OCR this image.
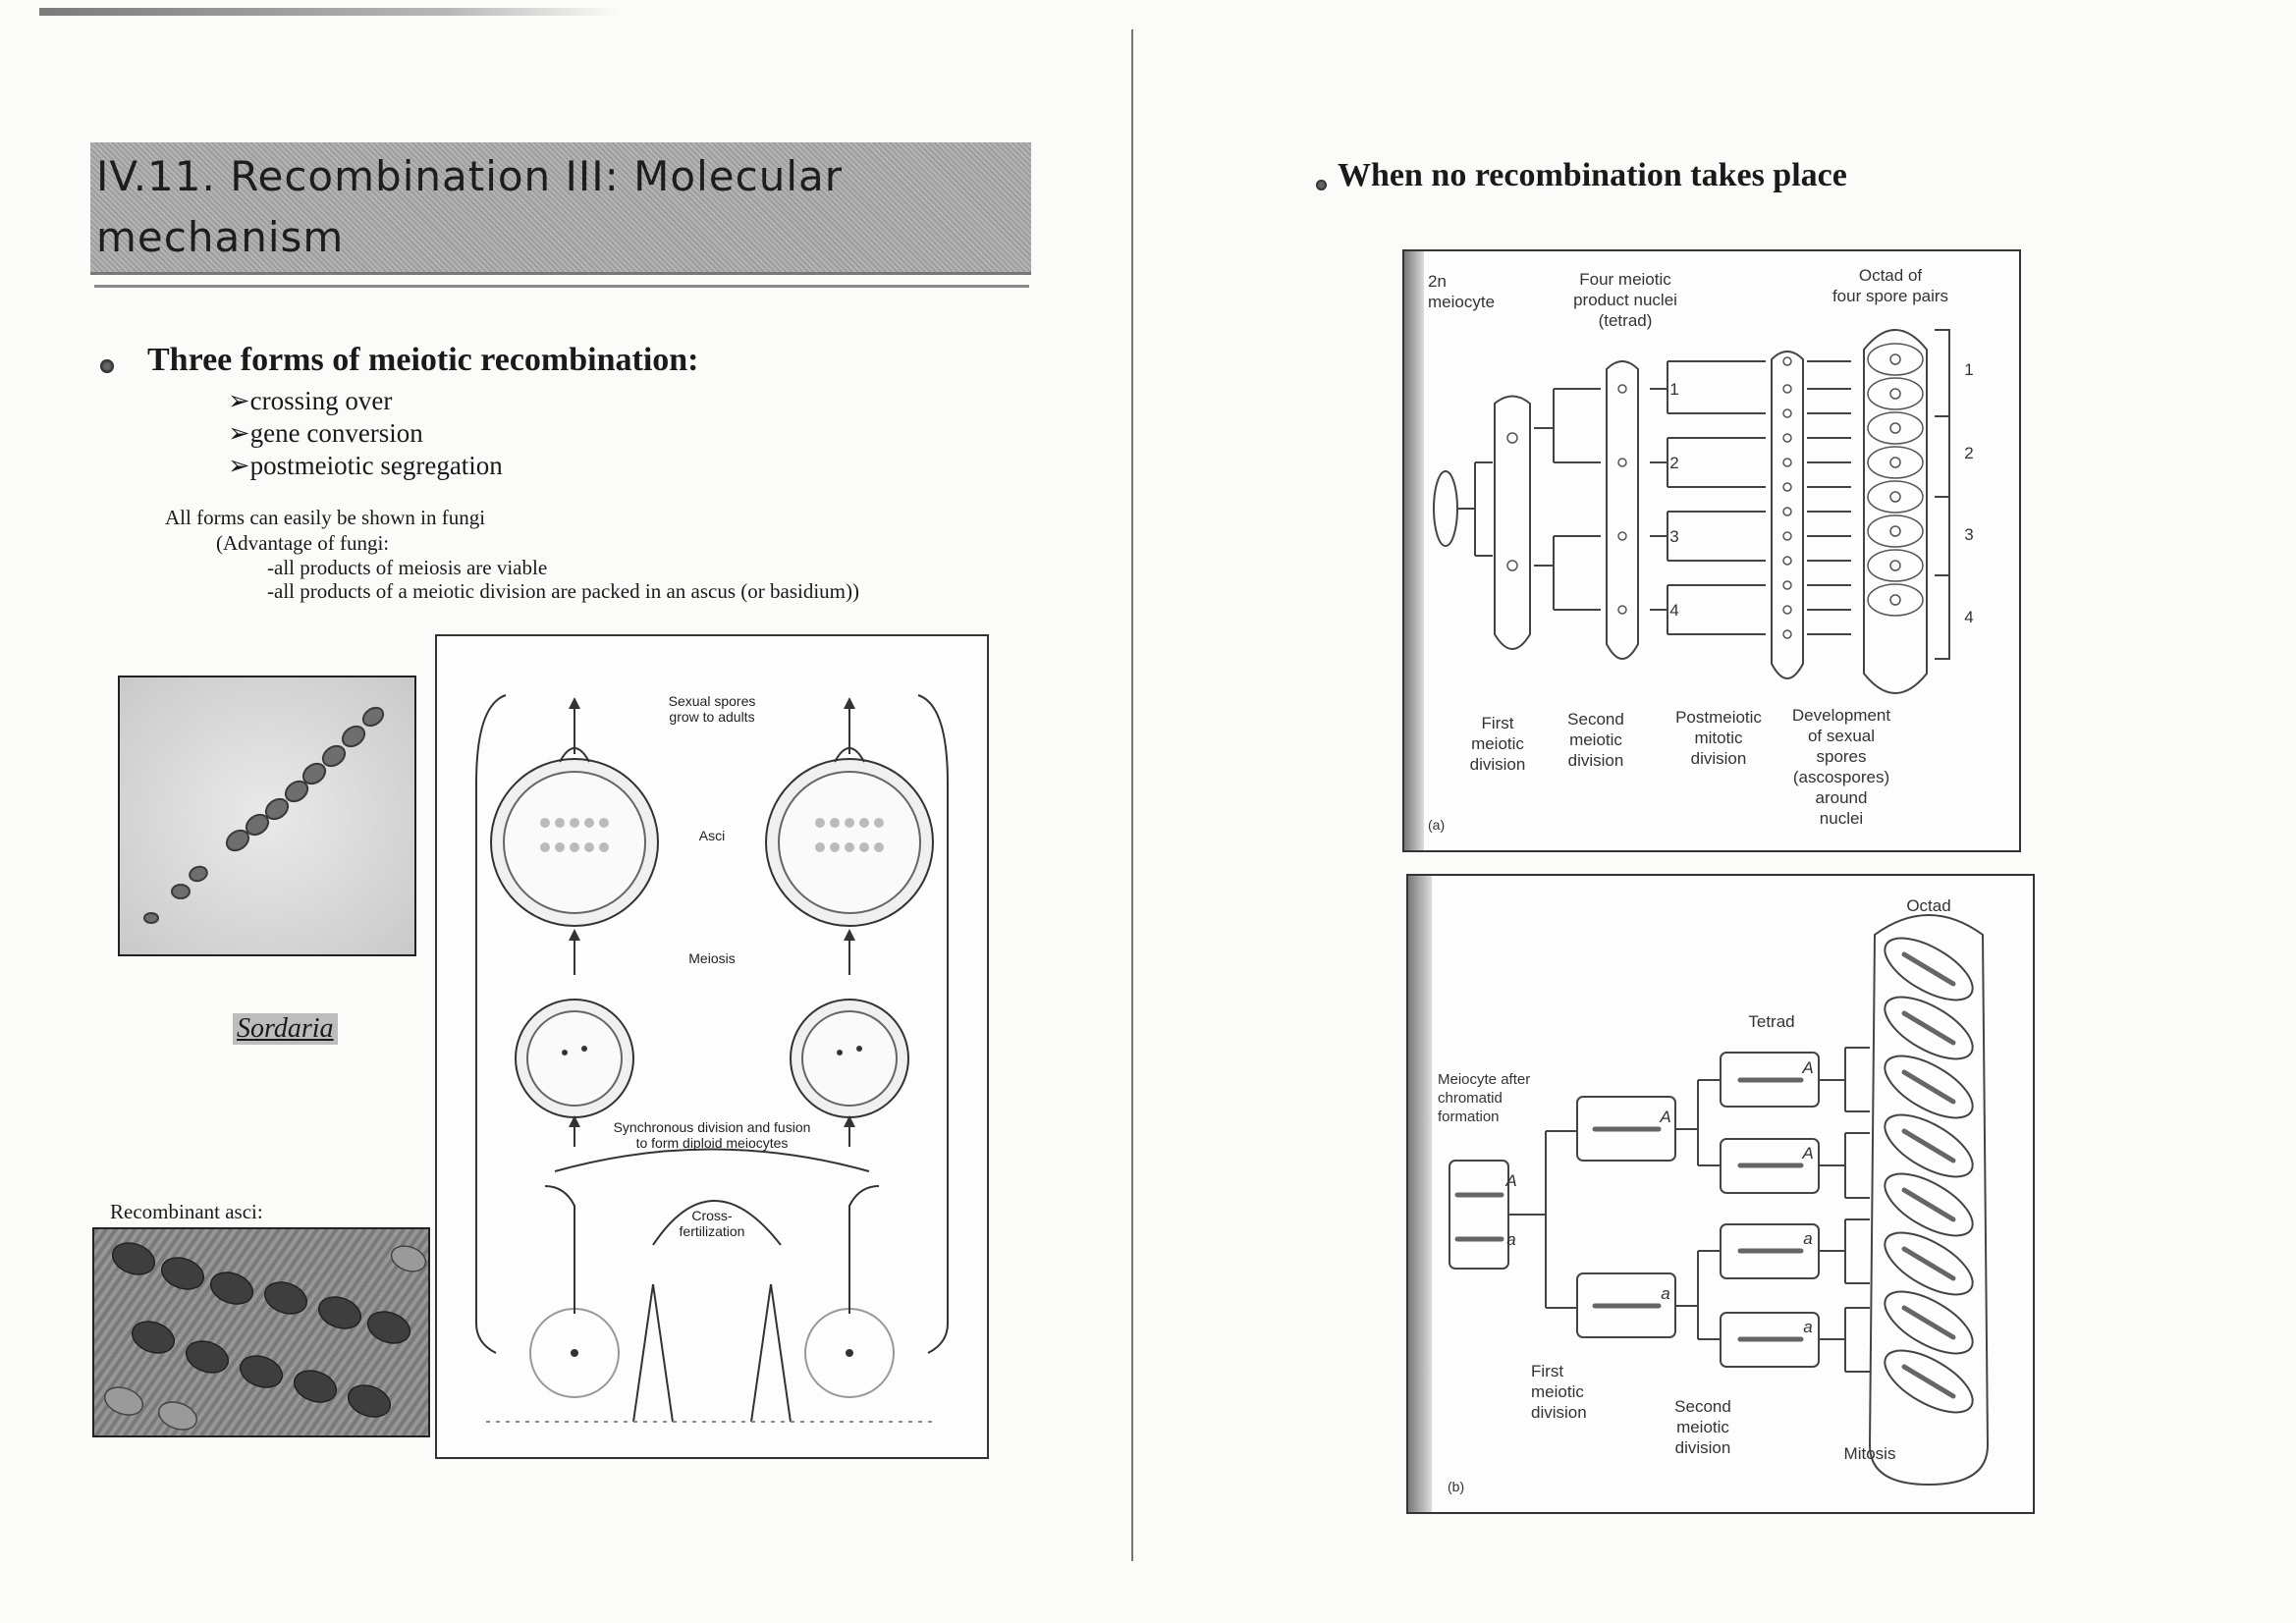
IV.11. Recombination III: Molecular
mechanism
Three forms of meiotic recombination:
➢crossing over
➢gene conversion
➢postmeiotic segregation
All forms can easily be shown in fungi
(Advantage of fungi:
-all products of meiosis are viable
-all products of a meiotic division are packed in an ascus (or basidium))
Sordaria
Recombinant asci:
Sexual spores
grow to adults
Asci
Meiosis
Synchronous division and fusion
to form diploid meiocytes
Cross-
fertilization
When no recombination takes place
2n
meiocyte
Four meiotic
product nuclei
(tetrad)
Octad of
four spore pairs
1
2
3
4
1
2
3
4
First
meiotic
division
Second
meiotic
division
Postmeiotic
mitotic
division
Development
of sexual
spores
(ascospores)
around
nuclei
(a)
Octad
Tetrad
Meiocyte after
chromatid
formation
A
a
A
a
A
A
a
a
First
meiotic
division	Second
meiotic
division	Mitosis
(b)
